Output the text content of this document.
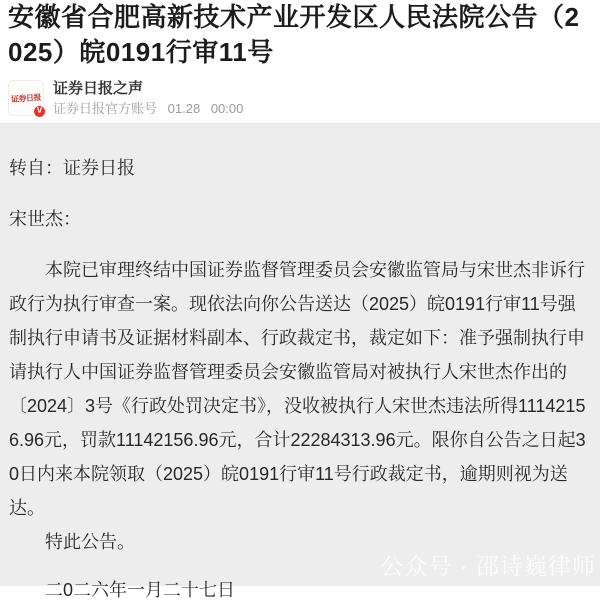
安徽省合肥高新技术产业开发区人民法院公告（2025）皖0191行审11号
证券日报
V
证券日报之声
证券日报官方账号 01.28 00:00

转自：证券日报

宋世杰：

本院已审理终结中国证券监督管理委员会安徽监管局与宋世杰非诉行政行为执行审查一案。现依法向你公告送达（2025）皖0191行审11号强制执行申请书及证据材料副本、行政裁定书，裁定如下：准予强制执行申请执行人中国证券监督管理委员会安徽监管局对被执行人宋世杰作出的〔2024〕3号《行政处罚决定书》，没收被执行人宋世杰违法所得11142156.96元，罚款11142156.96元，合计22284313.96元。限你自公告之日起30日内来本院领取（2025）皖0191行审11号行政裁定书，逾期则视为送达。

特此公告。

二0二六年一月二十七日

公众号 · 邵诗巍律师
